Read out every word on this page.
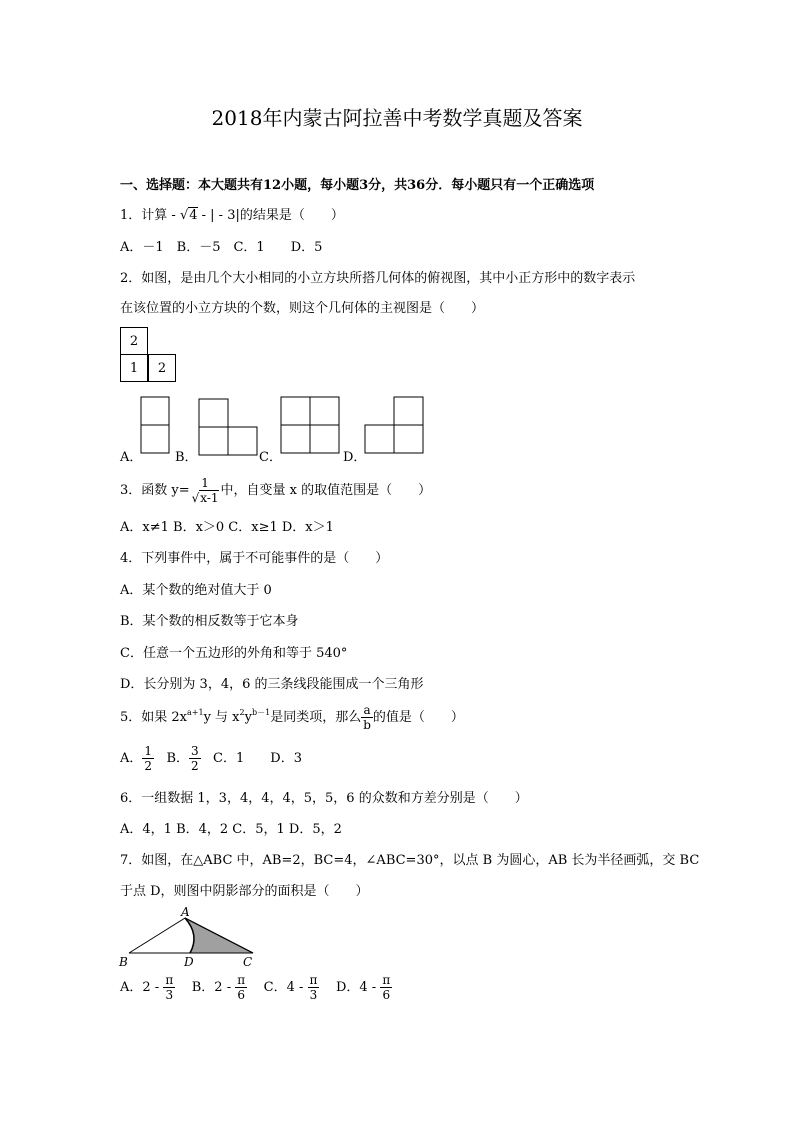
2018年内蒙古阿拉善中考数学真题及答案
一、选择题：本大题共有12小题，每小题3分，共36分．每小题只有一个正确选项
1．计算 - √4 - | - 3|的结果是（　　）
A．－1　B．－5　C．1　　D．5
2．如图，是由几个大小相同的小立方块所搭几何体的俯视图，其中小正方形中的数字表示
在该位置的小立方块的个数，则这个几何体的主视图是（　　）
2
1	2
A．	B．	C．	D．
3．函数 $y= \frac{1}{√x-1}$ 中，自变量 x 的取值范围是（　　）
A．x≠1 B．x＞0 C．x≥1 D．x＞1
4．下列事件中，属于不可能事件的是（　　）
A．某个数的绝对值大于 0
B．某个数的相反数等于它本身
C．任意一个五边形的外角和等于 540°
D．长分别为 3，4，6 的三条线段能围成一个三角形
5．如果 $2x^{a+1}y$ 与 $x^2y^{b-1}$是同类项，那么 $\frac{a}{b}$ 的值是（　　）
A． $\frac{1}{2}$ B． $\frac{3}{2}$ C．1　　D．3
6．一组数据 1，3，4，4，4，5，5，6 的众数和方差分别是（　　）
A．4，1 B．4，2 C．5，1 D．5，2
7．如图，在△ABC 中，AB=2，BC=4，∠ABC=30°，以点 B 为圆心，AB 长为半径画弧，交 BC
于点 D，则图中阴影部分的面积是（　　）
A
B	D	C
A．$2 - \frac{\pi}{3}$ B．$2 - \frac{\pi}{6}$ C．$4 - \frac{\pi}{3}$ D．$4 - \frac{\pi}{6}$
